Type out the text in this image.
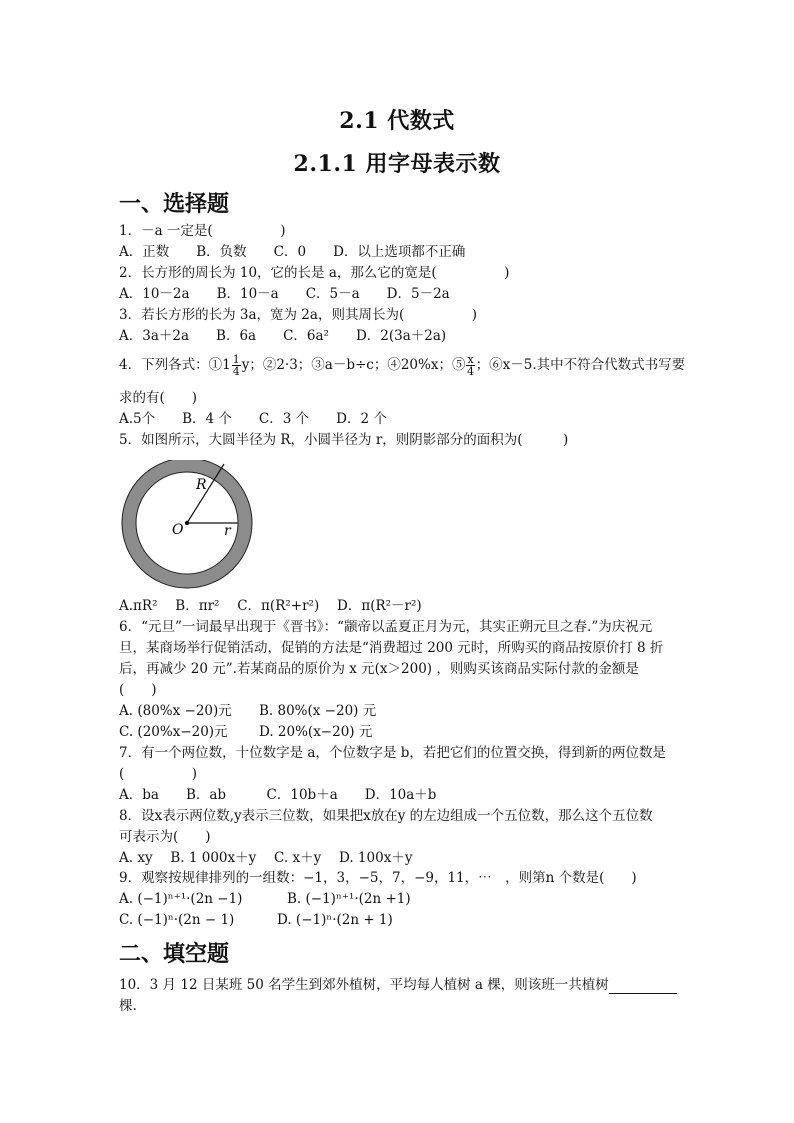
2.1 代数式
2.1.1 用字母表示数
一、选择题
1．－a 一定是(　　　　　)
A．正数　　B．负数　　C．0　　D．以上选项都不正确
2．长方形的周长为 10，它的长是 a，那么它的宽是(　　　　　)
A．10－2a　　B．10－a　　C．5－a　　D．5－2a
3．若长方形的长为 3a，宽为 2a，则其周长为(　　　　　)
A．3a＋2a　　B．6a　　C．6a²　　D．2(3a＋2a)
4．下列各式：①1 $\frac{1}{4}$ y；②2·3；③a－b÷c；④20%x；⑤ $\frac{x}{4}$ ；⑥x－5.其中不符合代数式书写要
求的有(　　)
A.5个　　B．4 个　　C．3 个　　D．2 个
5．如图所示，大圆半径为 R，小圆半径为 r，则阴影部分的面积为(　　　)
R
O	r
A.πR²　 B．πr²　 C．π(R²+r²)　 D．π(R²－r²)
6．“元旦”一词最早出现于《晋书》：“颛帝以孟夏正月为元，其实正朔元旦之春.”为庆祝元
旦，某商场举行促销活动，促销的方法是“消费超过 200 元时，所购买的商品按原价打 8 折
后，再减少 20 元”.若某商品的原价为 x 元(x＞200) ，则购买该商品实际付款的金额是
(　　)
A. (80%x −20)元 B. 80%(x −20) 元
C. (20%x−20)元 D. 20%(x−20) 元
7．有一个两位数，十位数字是 a，个位数字是 b，若把它们的位置交换，得到新的两位数是
(　　　　　)
A．ba　　B．ab　　　C．10b＋a　　D．10a＋b
8．设x表示两位数,y表示三位数，如果把x放在y 的左边组成一个五位数，那么这个五位数
可表示为(　　)
A. xy　 B. 1 000x＋y　 C. x＋y　 D. 100x＋y
9．观察按规律排列的一组数：−1，3，−5，7，−9，11，⋯　，则第n 个数是(　　)
A. (−1)ⁿ⁺¹·(2n −1)	B. (−1)ⁿ⁺¹·(2n +1)
C. (−1)ⁿ·(2n − 1)	D. (−1)ⁿ·(2n + 1)
二、填空题
10．3 月 12 日某班 50 名学生到郊外植树，平均每人植树 a 棵，则该班一共植树
棵.
